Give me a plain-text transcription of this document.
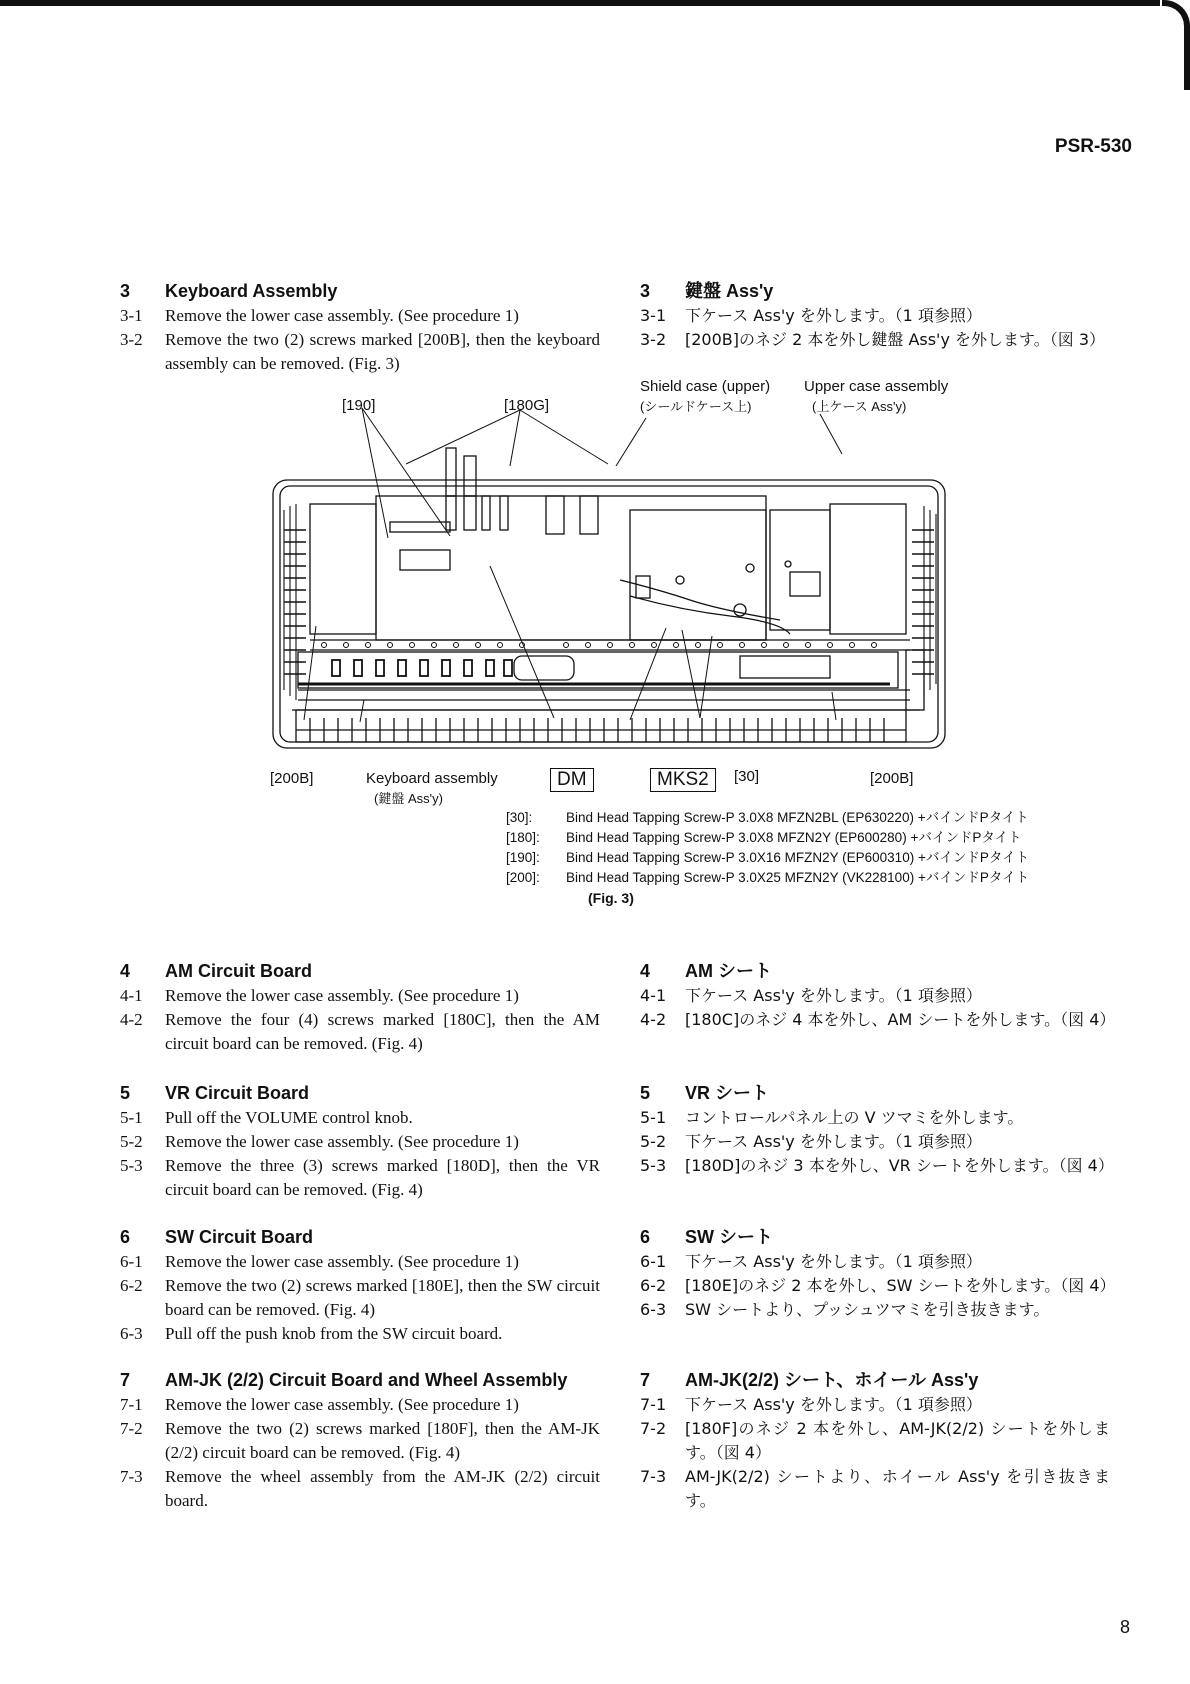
PSR-530
3 Keyboard Assembly
3-1	Remove the lower case assembly. (See procedure 1)
3-2	Remove the two (2) screws marked [200B], then the keyboard assembly can be removed. (Fig. 3)
3 鍵盤 Ass'y
3-1	下ケース Ass'y を外します。（1 項参照）
3-2	[200B]のネジ 2 本を外し鍵盤 Ass'y を外します。（図 3）
[190]	[180G]
Shield case (upper)
(シールドケース上)
Upper case assembly
(上ケース Ass'y)
[200B]	Keyboard assembly
(鍵盤 Ass'y)
DM	MKS2	[30]	[200B]
[30]:	Bind Head Tapping Screw-P 3.0X8 MFZN2BL (EP630220) +バインドPタイト
[180]:	Bind Head Tapping Screw-P 3.0X8 MFZN2Y (EP600280) +バインドPタイト
[190]:	Bind Head Tapping Screw-P 3.0X16 MFZN2Y (EP600310) +バインドPタイト
[200]:	Bind Head Tapping Screw-P 3.0X25 MFZN2Y (VK228100) +バインドPタイト
(Fig. 3)
4 AM Circuit Board
4-1	Remove the lower case assembly. (See procedure 1)
4-2	Remove the four (4) screws marked [180C], then the AM circuit board can be removed. (Fig. 4)
5 VR Circuit Board
5-1	Pull off the VOLUME control knob.
5-2	Remove the lower case assembly. (See procedure 1)
5-3	Remove the three (3) screws marked [180D], then the VR circuit board can be removed. (Fig. 4)
6 SW Circuit Board
6-1	Remove the lower case assembly. (See procedure 1)
6-2	Remove the two (2) screws marked [180E], then the SW circuit board can be removed. (Fig. 4)
6-3	Pull off the push knob from the SW circuit board.
7 AM-JK (2/2) Circuit Board and Wheel Assembly
7-1	Remove the lower case assembly. (See procedure 1)
7-2	Remove the two (2) screws marked [180F], then the AM-JK (2/2) circuit board can be removed. (Fig. 4)
7-3	Remove the wheel assembly from the AM-JK (2/2) circuit board.
4 AM シート
4-1	下ケース Ass'y を外します。（1 項参照）
4-2	[180C]のネジ 4 本を外し、AM シートを外します。（図 4）
5 VR シート
5-1	コントロールパネル上の V ツマミを外します。
5-2	下ケース Ass'y を外します。（1 項参照）
5-3	[180D]のネジ 3 本を外し、VR シートを外します。（図 4）
6 SW シート
6-1	下ケース Ass'y を外します。（1 項参照）
6-2	[180E]のネジ 2 本を外し、SW シートを外します。（図 4）
6-3	SW シートより、プッシュツマミを引き抜きます。
7 AM-JK(2/2) シート、ホイール Ass'y
7-1	下ケース Ass'y を外します。（1 項参照）
7-2	[180F]のネジ 2 本を外し、AM-JK(2/2) シートを外します。（図 4）
7-3	AM-JK(2/2) シートより、ホイール Ass'y を引き抜きます。
8
